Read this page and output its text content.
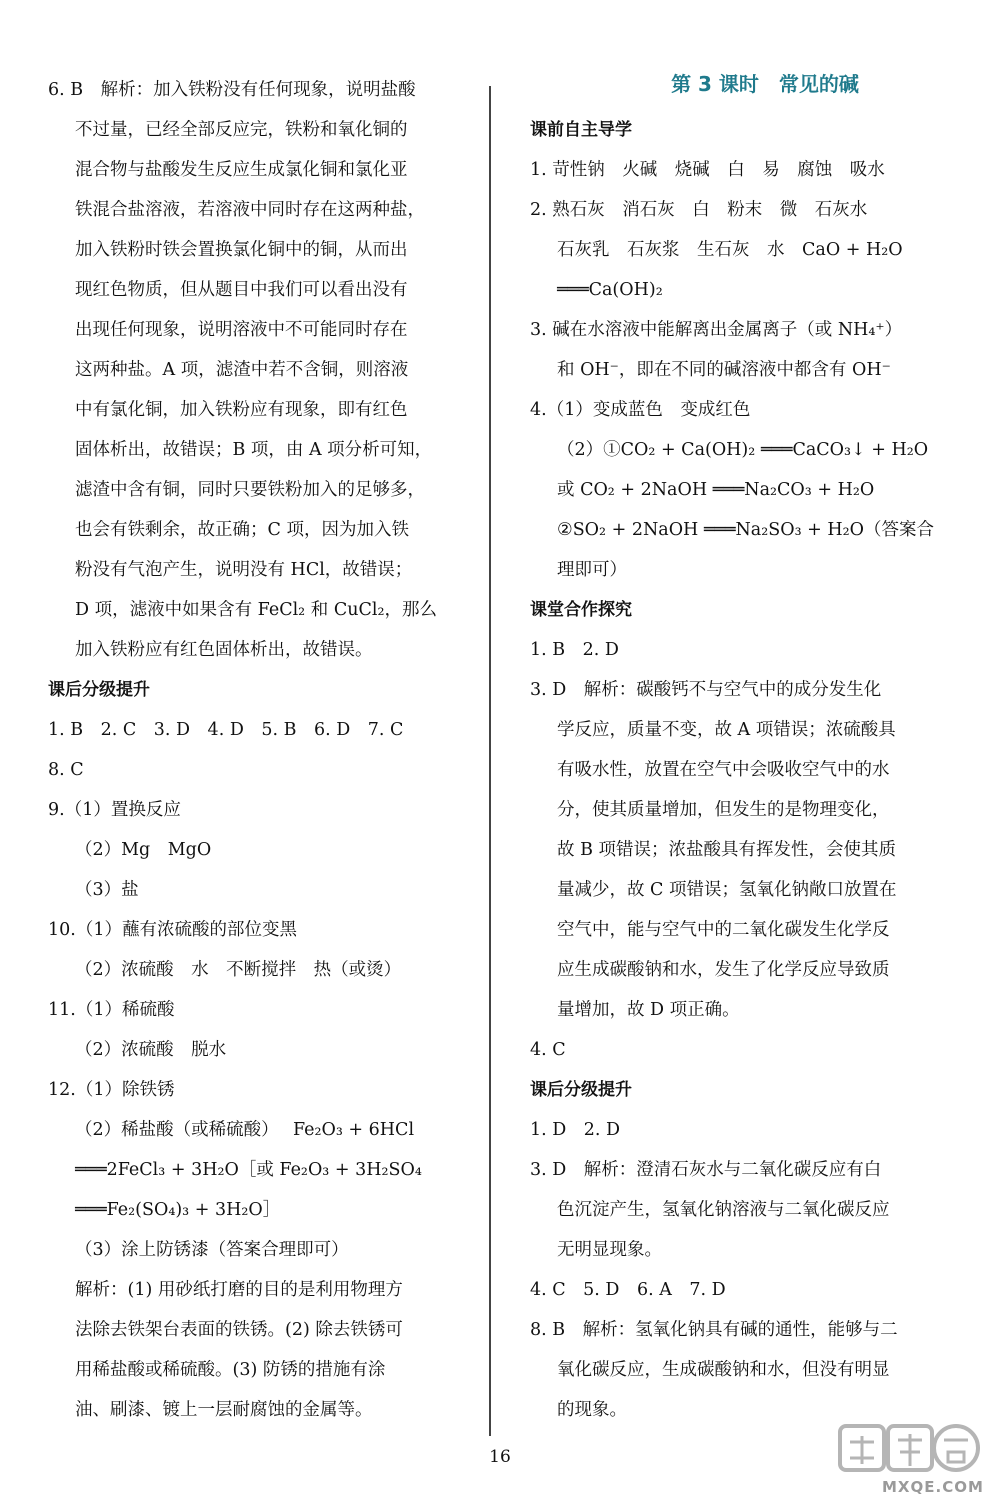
6. B　解析：加入铁粉没有任何现象，说明盐酸
不过量，已经全部反应完，铁粉和氧化铜的
混合物与盐酸发生反应生成氯化铜和氯化亚
铁混合盐溶液，若溶液中同时存在这两种盐，
加入铁粉时铁会置换氯化铜中的铜，从而出
现红色物质，但从题目中我们可以看出没有
出现任何现象，说明溶液中不可能同时存在
这两种盐。A 项，滤渣中若不含铜，则溶液
中有氯化铜，加入铁粉应有现象，即有红色
固体析出，故错误；B 项，由 A 项分析可知，
滤渣中含有铜，同时只要铁粉加入的足够多，
也会有铁剩余，故正确；C 项，因为加入铁
粉没有气泡产生，说明没有 HCl，故错误；
D 项，滤液中如果含有 FeCl₂ 和 CuCl₂，那么
加入铁粉应有红色固体析出，故错误。
课后分级提升
1. B　2. C　3. D　4. D　5. B　6. D　7. C
8. C
9.（1）置换反应
（2）Mg　MgO
（3）盐
10.（1）蘸有浓硫酸的部位变黑
（2）浓硫酸　水　不断搅拌　热（或烫）
11.（1）稀硫酸
（2）浓硫酸　脱水
12.（1）除铁锈
（2）稀盐酸（或稀硫酸）　 Fe₂O₃ + 6HCl
═══2FeCl₃ + 3H₂O［或 Fe₂O₃ + 3H₂SO₄
═══Fe₂(SO₄)₃ + 3H₂O］
（3）涂上防锈漆（答案合理即可）
解析：(1) 用砂纸打磨的目的是利用物理方
法除去铁架台表面的铁锈。(2) 除去铁锈可
用稀盐酸或稀硫酸。(3) 防锈的措施有涂
油、刷漆、镀上一层耐腐蚀的金属等。
第 3 课时　常见的碱
课前自主导学
1. 苛性钠　火碱　烧碱　白　易　腐蚀　吸水
2. 熟石灰　消石灰　白　粉末　微　石灰水
石灰乳　石灰浆　生石灰　水　CaO + H₂O
═══Ca(OH)₂
3. 碱在水溶液中能解离出金属离子（或 NH₄⁺）
和 OH⁻，即在不同的碱溶液中都含有 OH⁻
4.（1）变成蓝色　变成红色
（2）①CO₂ + Ca(OH)₂ ═══CaCO₃↓ + H₂O
或 CO₂ + 2NaOH ═══Na₂CO₃ + H₂O
②SO₂ + 2NaOH ═══Na₂SO₃ + H₂O（答案合
理即可）
课堂合作探究
1. B　2. D
3. D　解析：碳酸钙不与空气中的成分发生化
学反应，质量不变，故 A 项错误；浓硫酸具
有吸水性，放置在空气中会吸收空气中的水
分，使其质量增加，但发生的是物理变化，
故 B 项错误；浓盐酸具有挥发性，会使其质
量减少，故 C 项错误；氢氧化钠敞口放置在
空气中，能与空气中的二氧化碳发生化学反
应生成碳酸钠和水，发生了化学反应导致质
量增加，故 D 项正确。
4. C
课后分级提升
1. D　2. D
3. D　解析：澄清石灰水与二氧化碳反应有白
色沉淀产生，氢氧化钠溶液与二氧化碳反应
无明显现象。
4. C　5. D　6. A　7. D
8. B　解析：氢氧化钠具有碱的通性，能够与二
氧化碳反应，生成碳酸钠和水，但没有明显
的现象。
16
MXQE.COM
